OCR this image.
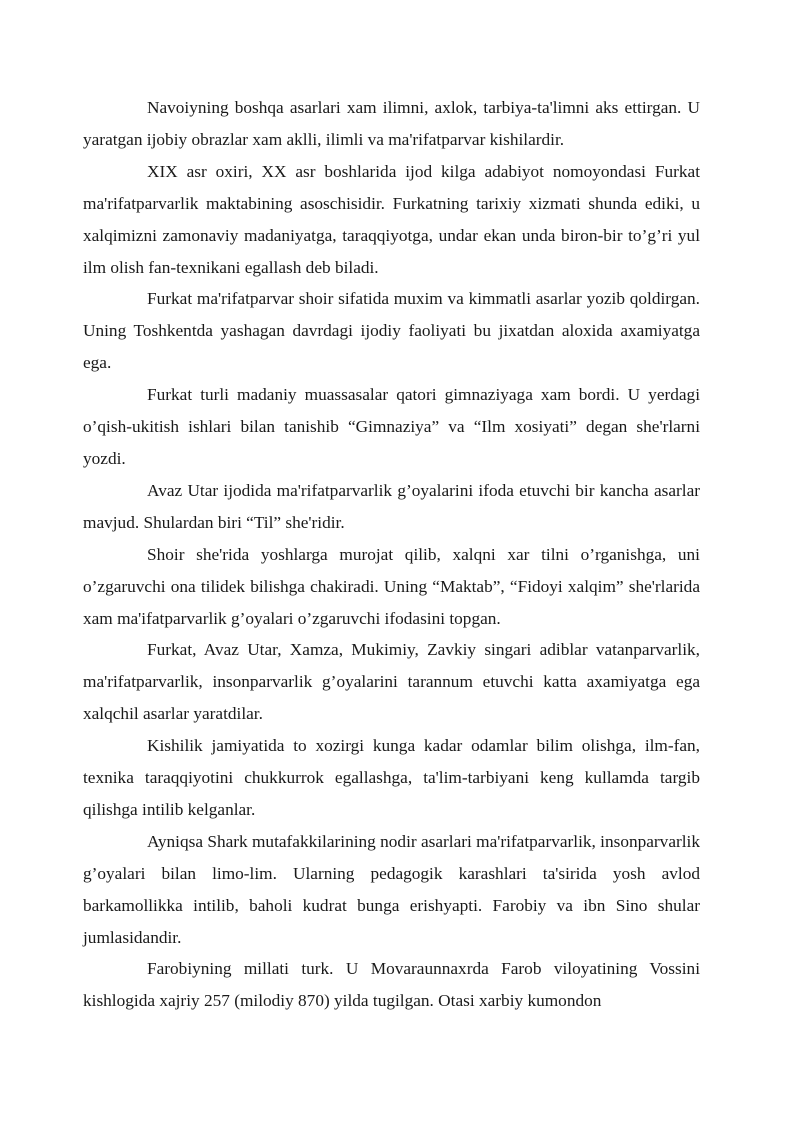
Navoiyning boshqa asarlari xam ilimni, axlok, tarbiya-ta'limni aks ettirgan. U yaratgan ijobiy obrazlar xam aklli, ilimli va ma'rifatparvar kishilardir.

XIX asr oxiri, XX asr boshlarida ijod kilga adabiyot nomoyondasi Furkat ma'rifatparvarlik maktabining asoschisidir. Furkatning tarixiy xizmati shunda ediki, u xalqimizni zamonaviy madaniyatga, taraqqiyotga, undar ekan unda biron-bir to’g’ri yul ilm olish fan-texnikani egallash deb biladi.

Furkat ma'rifatparvar shoir sifatida muxim va kimmatli asarlar yozib qoldirgan. Uning Toshkentda yashagan davrdagi ijodiy faoliyati bu jixatdan aloxida axamiyatga ega.

Furkat turli madaniy muassasalar qatori gimnaziyaga xam bordi. U yerdagi o’qish-ukitish ishlari bilan tanishib “Gimnaziya” va “Ilm xosiyati” degan she'rlarni yozdi.

Avaz Utar ijodida ma'rifatparvarlik g’oyalarini ifoda etuvchi bir kancha asarlar mavjud. Shulardan biri “Til” she'ridir.

Shoir she'rida yoshlarga murojat qilib, xalqni xar tilni o’rganishga, uni o’zgaruvchi ona tilidek bilishga chakiradi. Uning “Maktab”, “Fidoyi xalqim” she'rlarida xam ma'ifatparvarlik g’oyalari o’zgaruvchi ifodasini topgan.

Furkat, Avaz Utar, Xamza, Mukimiy, Zavkiy singari adiblar vatanparvarlik, ma'rifatparvarlik, insonparvarlik g’oyalarini tarannum etuvchi katta axamiyatga ega xalqchil asarlar yaratdilar.

Kishilik jamiyatida to xozirgi kunga kadar odamlar bilim olishga, ilm-fan, texnika taraqqiyotini chukkurrok egallashga, ta'lim-tarbiyani keng kullamda targib qilishga intilib kelganlar.

Ayniqsa Shark mutafakkilarining nodir asarlari ma'rifatparvarlik, insonparvarlik g’oyalari bilan limo-lim. Ularning pedagogik karashlari ta'sirida yosh avlod barkamollikka intilib, baholi kudrat bunga erishyapti. Farobiy va ibn Sino shular jumlasidandir.

Farobiyning millati turk. U Movaraunnaxrda Farob viloyatining Vossini kishlogida xajriy 257 (milodiy 870) yilda tugilgan. Otasi xarbiy kumondon
